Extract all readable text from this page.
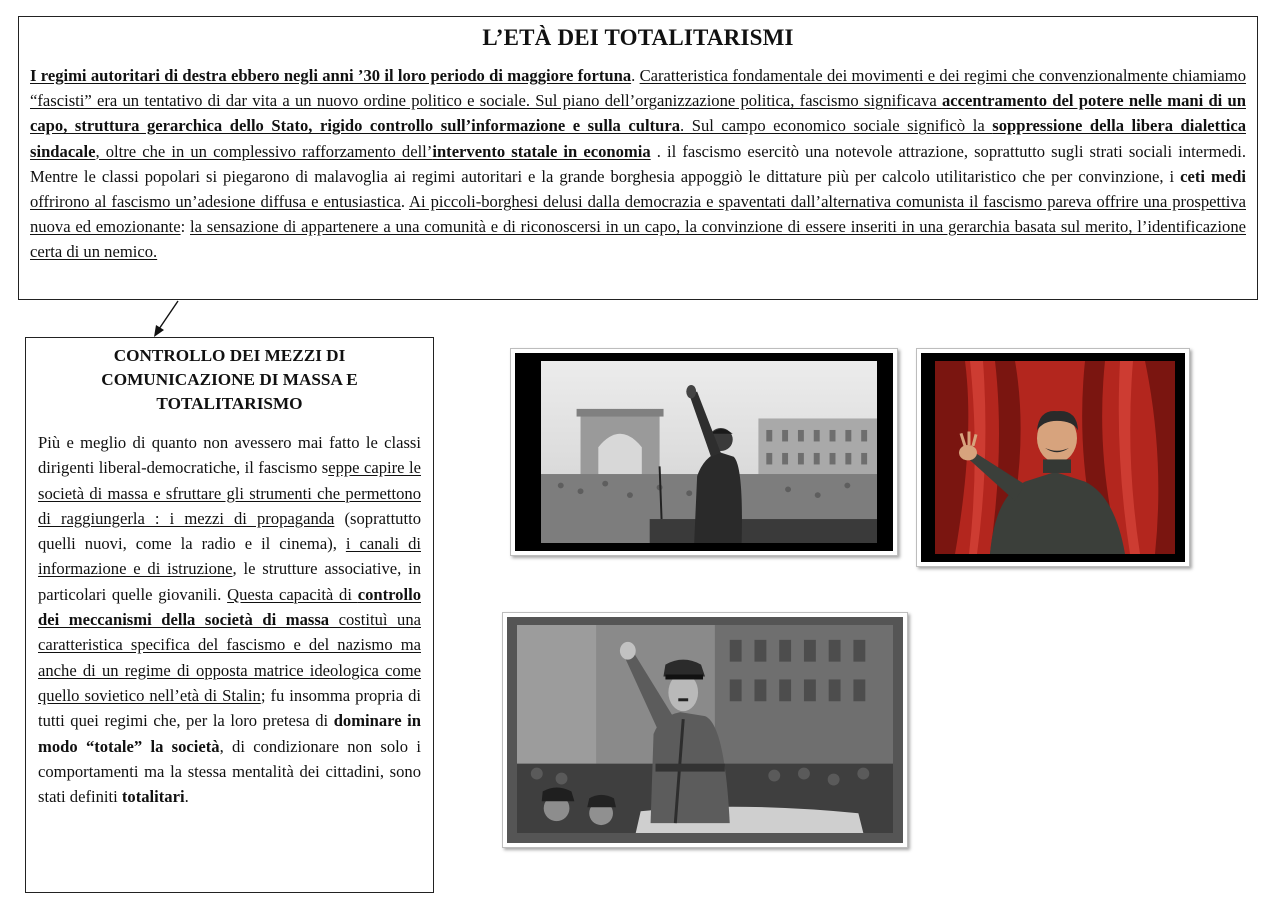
L’ETÀ DEI TOTALITARISMI

I regimi autoritari di destra ebbero negli anni ’30 il loro periodo di maggiore fortuna. Caratteristica fondamentale dei movimenti e dei regimi che convenzionalmente chiamiamo “fascisti” era un tentativo di dar vita a un nuovo ordine politico e sociale. Sul piano dell’organizzazione politica, fascismo significava accentramento del potere nelle mani di un capo, struttura gerarchica dello Stato, rigido controllo sull’informazione e sulla cultura. Sul campo economico sociale significò la soppressione della libera dialettica sindacale, oltre che in un complessivo rafforzamento dell’intervento statale in economia . il fascismo esercitò una notevole attrazione, soprattutto sugli strati sociali intermedi. Mentre le classi popolari si piegarono di malavoglia ai regimi autoritari e la grande borghesia appoggiò le dittature più per calcolo utilitaristico che per convinzione, i ceti medi offrirono al fascismo un’adesione diffusa e entusiastica. Ai piccoli-borghesi delusi dalla democrazia e spaventati dall’alternativa comunista il fascismo pareva offrire una prospettiva nuova ed emozionante: la sensazione di appartenere a una comunità e di riconoscersi in un capo, la convinzione di essere inseriti in una gerarchia basata sul merito, l’identificazione certa di un nemico.

CONTROLLO DEI MEZZI DI COMUNICAZIONE DI MASSA E TOTALITARISMO

Più e meglio di quanto non avessero mai fatto le classi dirigenti liberal-democratiche, il fascismo seppe capire le società di massa e sfruttare gli strumenti che permettono di raggiungerla : i mezzi di propaganda (soprattutto quelli nuovi, come la radio e il cinema), i canali di informazione e di istruzione, le strutture associative, in particolari quelle giovanili. Questa capacità di controllo dei meccanismi della società di massa costituì una caratteristica specifica del fascismo e del nazismo ma anche di un regime di opposta matrice ideologica come quello sovietico nell’età di Stalin; fu insomma propria di tutti quei regimi che, per la loro pretesa di dominare in modo “totale” la società, di condizionare non solo i comportamenti ma la stessa mentalità dei cittadini, sono stati definiti totalitari.
